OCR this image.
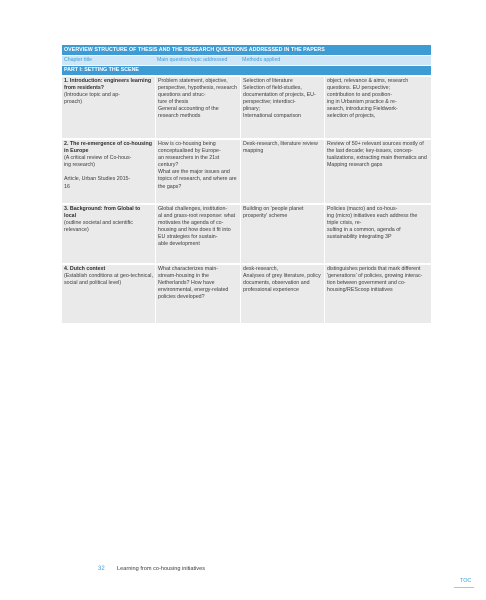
OVERVIEW STRUCTURE OF THESIS AND THE RESEARCH QUESTIONS ADDRESSED IN THE PAPERS
Chapter title	Main question/topic addressed	Methods applied
PART I: SETTING THE SCENE
1. Introduction: engineers learning from residents?
(Introduce topic and ap-
proach)
Problem statement, objective, perspective, hypothesis, research questions and struc-
ture of thesis
General accounting of the research methods
Selection of literature
Selection of field-studies, documentation of projects, EU-perspective; interdisci-
plinary;
International comparison
object, relevance & aims, research questions. EU perspective;
contribution to and position-
ing in Urbanism practice & re-
search, introducing Fieldwork-
selection of projects,
2. The re-emergence of co-housing in Europe
(A critical review of Co-hous-
ing research)

Article, Urban Studies 2015-
16
How is co-housing being conceptualised by Europe-
an researchers in the 21st
century?
What are the major issues and topics of research, and where are the gaps?
Desk-research, literature review
mapping
Review of 50+ relevant sources mostly of the last decade; key-issues, concep-
tualizations, extracting main thematics and
Mapping research gaps
3. Background: from Global to local
(outline societal and scientific relevance)
Global challenges, institution-
al and grass-root response: what motivates the agenda of co-housing and how does it fit into EU strategies for sustain-
able development
Building on 'people planet prosperity' scheme
Policies (macro) and co-hous-
ing (micro) initiatives each address the triple crisis, re-
sulting in a common, agenda of sustainability integrating 3P
4. Dutch context
(Establish conditions at geo-technical, social and political level)
What characterizes main-
stream-housing in the Netherlands? How have environmental, energy-related policies developed?
desk-research,
Analyses of grey literature, policy documents, observation and professional experience
distinguishes periods that mark different 'generations' of policies, growing interac-
tion between government and co-housing/REScoop initiatives
32 Learning from co-housing initiatives
TOC
